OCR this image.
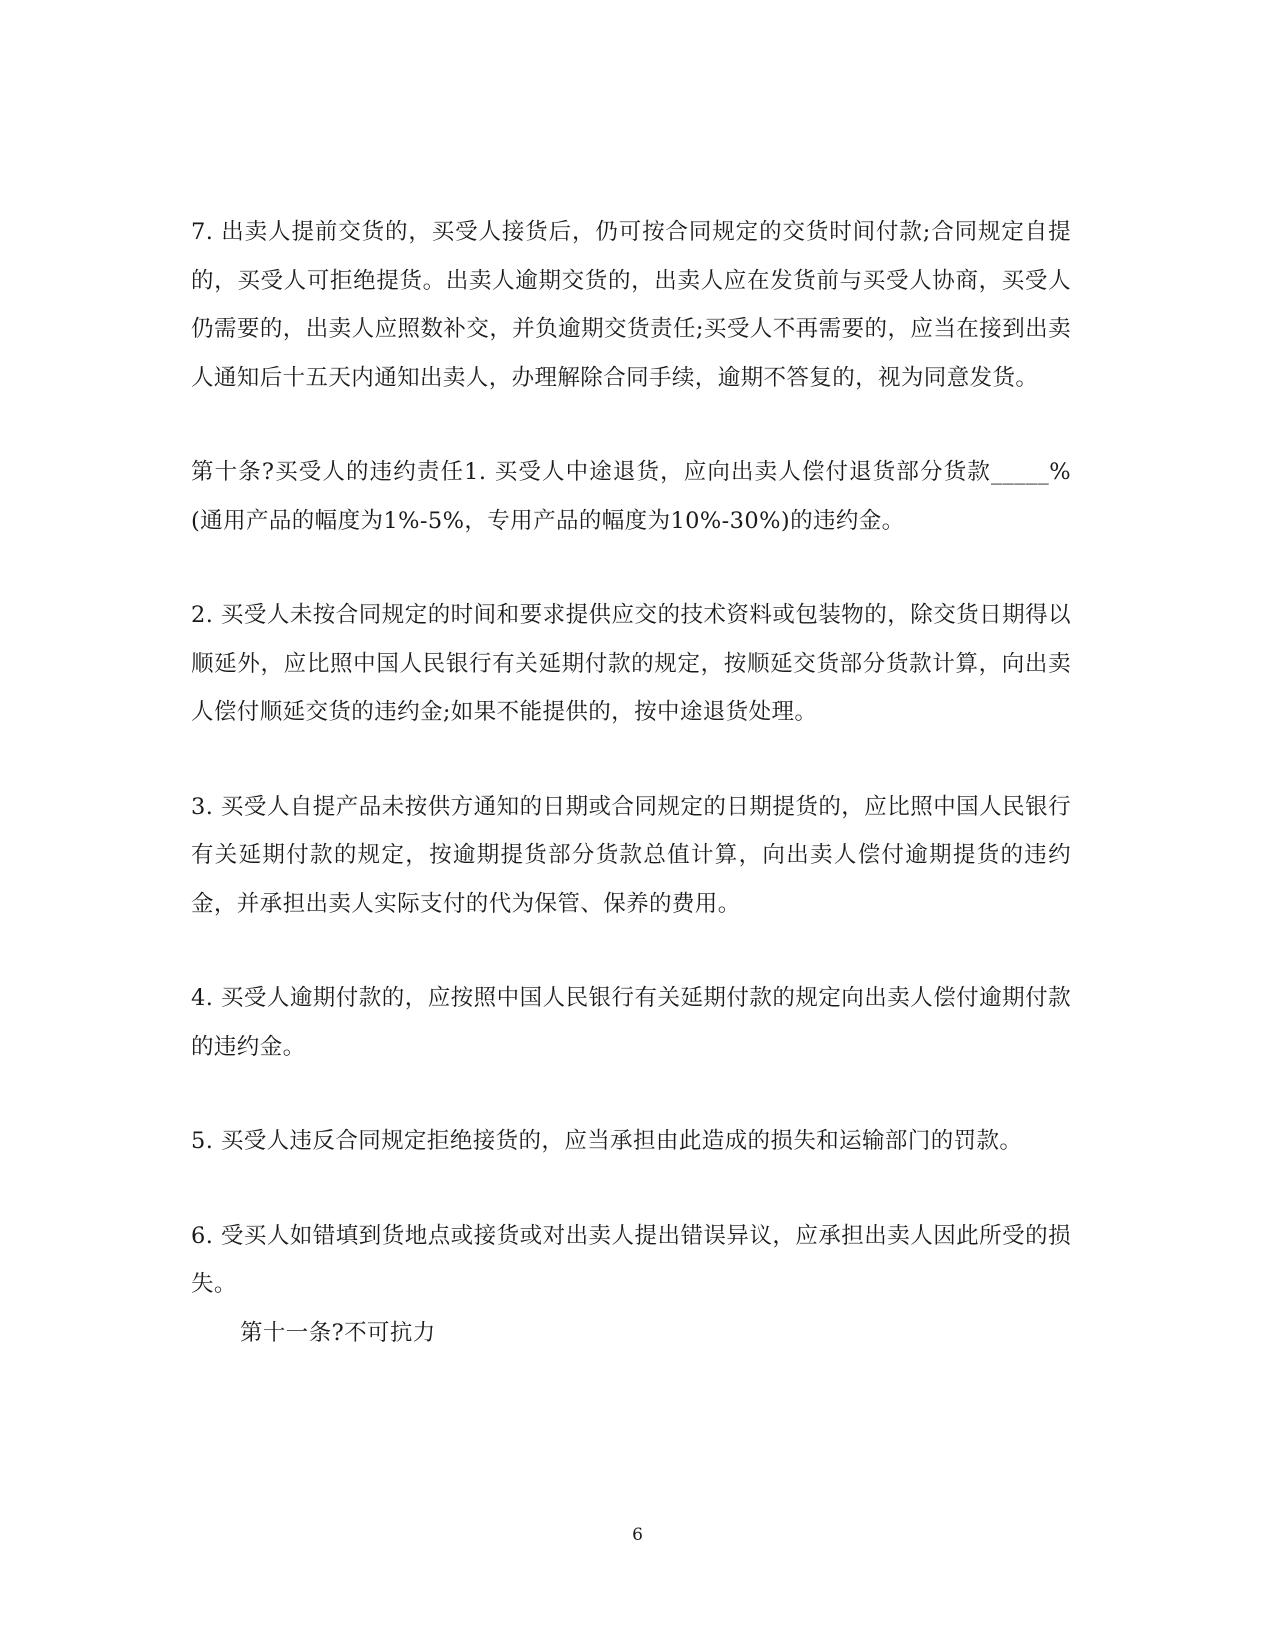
7. 出卖人提前交货的，买受人接货后，仍可按合同规定的交货时间付款;合同规定自提的，买受人可拒绝提货。出卖人逾期交货的，出卖人应在发货前与买受人协商，买受人仍需要的，出卖人应照数补交，并负逾期交货责任;买受人不再需要的，应当在接到出卖人通知后十五天内通知出卖人，办理解除合同手续，逾期不答复的，视为同意发货。

第十条?买受人的违约责任1. 买受人中途退货，应向出卖人偿付退货部分货款_____%(通用产品的幅度为1%-5%，专用产品的幅度为10%-30%)的违约金。

2. 买受人未按合同规定的时间和要求提供应交的技术资料或包装物的，除交货日期得以顺延外，应比照中国人民银行有关延期付款的规定，按顺延交货部分货款计算，向出卖人偿付顺延交货的违约金;如果不能提供的，按中途退货处理。

3. 买受人自提产品未按供方通知的日期或合同规定的日期提货的，应比照中国人民银行有关延期付款的规定，按逾期提货部分货款总值计算，向出卖人偿付逾期提货的违约金，并承担出卖人实际支付的代为保管、保养的费用。

4. 买受人逾期付款的，应按照中国人民银行有关延期付款的规定向出卖人偿付逾期付款的违约金。

5. 买受人违反合同规定拒绝接货的，应当承担由此造成的损失和运输部门的罚款。

6. 受买人如错填到货地点或接货或对出卖人提出错误异议，应承担出卖人因此所受的损失。

第十一条?不可抗力

6
